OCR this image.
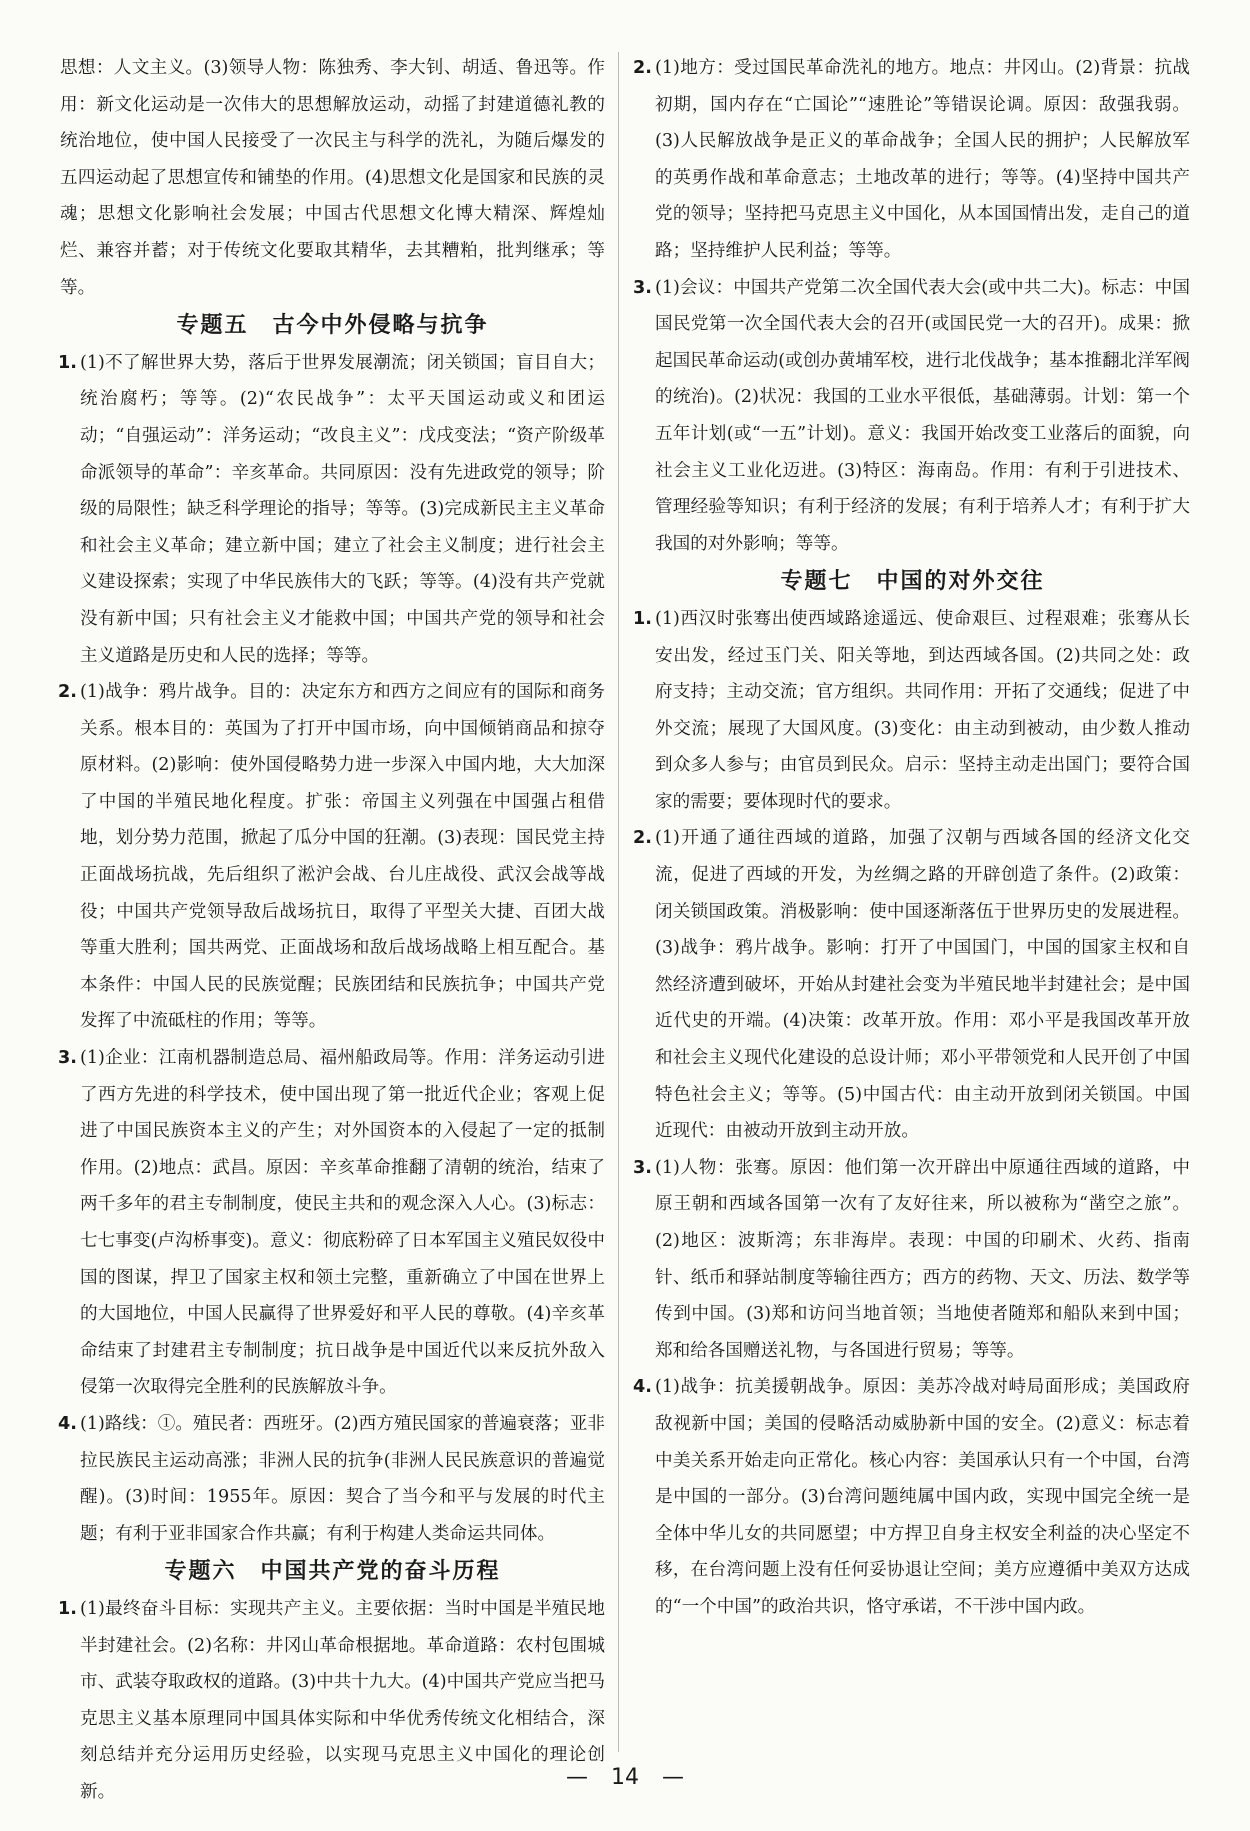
思想：人文主义。(3)领导人物：陈独秀、李大钊、胡适、鲁迅等。作用：新文化运动是一次伟大的思想解放运动，动摇了封建道德礼教的统治地位，使中国人民接受了一次民主与科学的洗礼，为随后爆发的五四运动起了思想宣传和铺垫的作用。(4)思想文化是国家和民族的灵魂；思想文化影响社会发展；中国古代思想文化博大精深、辉煌灿烂、兼容并蓄；对于传统文化要取其精华，去其糟粕，批判继承；等等。

专题五　古今中外侵略与抗争
1. (1)不了解世界大势，落后于世界发展潮流；闭关锁国；盲目自大；统治腐朽；等等。(2)“农民战争”：太平天国运动或义和团运动；“自强运动”：洋务运动；“改良主义”：戊戌变法；“资产阶级革命派领导的革命”：辛亥革命。共同原因：没有先进政党的领导；阶级的局限性；缺乏科学理论的指导；等等。(3)完成新民主主义革命和社会主义革命；建立新中国；建立了社会主义制度；进行社会主义建设探索；实现了中华民族伟大的飞跃；等等。(4)没有共产党就没有新中国；只有社会主义才能救中国；中国共产党的领导和社会主义道路是历史和人民的选择；等等。

2. (1)战争：鸦片战争。目的：决定东方和西方之间应有的国际和商务关系。根本目的：英国为了打开中国市场，向中国倾销商品和掠夺原材料。(2)影响：使外国侵略势力进一步深入中国内地，大大加深了中国的半殖民地化程度。扩张：帝国主义列强在中国强占租借地，划分势力范围，掀起了瓜分中国的狂潮。(3)表现：国民党主持正面战场抗战，先后组织了淞沪会战、台儿庄战役、武汉会战等战役；中国共产党领导敌后战场抗日，取得了平型关大捷、百团大战等重大胜利；国共两党、正面战场和敌后战场战略上相互配合。基本条件：中国人民的民族觉醒；民族团结和民族抗争；中国共产党发挥了中流砥柱的作用；等等。

3. (1)企业：江南机器制造总局、福州船政局等。作用：洋务运动引进了西方先进的科学技术，使中国出现了第一批近代企业；客观上促进了中国民族资本主义的产生；对外国资本的入侵起了一定的抵制作用。(2)地点：武昌。原因：辛亥革命推翻了清朝的统治，结束了两千多年的君主专制制度，使民主共和的观念深入人心。(3)标志：七七事变(卢沟桥事变)。意义：彻底粉碎了日本军国主义殖民奴役中国的图谋，捍卫了国家主权和领土完整，重新确立了中国在世界上的大国地位，中国人民赢得了世界爱好和平人民的尊敬。(4)辛亥革命结束了封建君主专制制度；抗日战争是中国近代以来反抗外敌入侵第一次取得完全胜利的民族解放斗争。

4. (1)路线：①。殖民者：西班牙。(2)西方殖民国家的普遍衰落；亚非拉民族民主运动高涨；非洲人民的抗争(非洲人民民族意识的普遍觉醒)。(3)时间：1955年。原因：契合了当今和平与发展的时代主题；有利于亚非国家合作共赢；有利于构建人类命运共同体。

专题六　中国共产党的奋斗历程
1. (1)最终奋斗目标：实现共产主义。主要依据：当时中国是半殖民地半封建社会。(2)名称：井冈山革命根据地。革命道路：农村包围城市、武装夺取政权的道路。(3)中共十九大。(4)中国共产党应当把马克思主义基本原理同中国具体实际和中华优秀传统文化相结合，深刻总结并充分运用历史经验，以实现马克思主义中国化的理论创新。

2. (1)地方：受过国民革命洗礼的地方。地点：井冈山。(2)背景：抗战初期，国内存在“亡国论”“速胜论”等错误论调。原因：敌强我弱。(3)人民解放战争是正义的革命战争；全国人民的拥护；人民解放军的英勇作战和革命意志；土地改革的进行；等等。(4)坚持中国共产党的领导；坚持把马克思主义中国化，从本国国情出发，走自己的道路；坚持维护人民利益；等等。

3. (1)会议：中国共产党第二次全国代表大会(或中共二大)。标志：中国国民党第一次全国代表大会的召开(或国民党一大的召开)。成果：掀起国民革命运动(或创办黄埔军校，进行北伐战争；基本推翻北洋军阀的统治)。(2)状况：我国的工业水平很低，基础薄弱。计划：第一个五年计划(或“一五”计划)。意义：我国开始改变工业落后的面貌，向社会主义工业化迈进。(3)特区：海南岛。作用：有利于引进技术、管理经验等知识；有利于经济的发展；有利于培养人才；有利于扩大我国的对外影响；等等。

专题七　中国的对外交往
1. (1)西汉时张骞出使西域路途遥远、使命艰巨、过程艰难；张骞从长安出发，经过玉门关、阳关等地，到达西域各国。(2)共同之处：政府支持；主动交流；官方组织。共同作用：开拓了交通线；促进了中外交流；展现了大国风度。(3)变化：由主动到被动，由少数人推动到众多人参与；由官员到民众。启示：坚持主动走出国门；要符合国家的需要；要体现时代的要求。

2. (1)开通了通往西域的道路，加强了汉朝与西域各国的经济文化交流，促进了西域的开发，为丝绸之路的开辟创造了条件。(2)政策：闭关锁国政策。消极影响：使中国逐渐落伍于世界历史的发展进程。(3)战争：鸦片战争。影响：打开了中国国门，中国的国家主权和自然经济遭到破坏，开始从封建社会变为半殖民地半封建社会；是中国近代史的开端。(4)决策：改革开放。作用：邓小平是我国改革开放和社会主义现代化建设的总设计师；邓小平带领党和人民开创了中国特色社会主义；等等。(5)中国古代：由主动开放到闭关锁国。中国近现代：由被动开放到主动开放。

3. (1)人物：张骞。原因：他们第一次开辟出中原通往西域的道路，中原王朝和西域各国第一次有了友好往来，所以被称为“凿空之旅”。(2)地区：波斯湾；东非海岸。表现：中国的印刷术、火药、指南针、纸币和驿站制度等输往西方；西方的药物、天文、历法、数学等传到中国。(3)郑和访问当地首领；当地使者随郑和船队来到中国；郑和给各国赠送礼物，与各国进行贸易；等等。

4. (1)战争：抗美援朝战争。原因：美苏冷战对峙局面形成；美国政府敌视新中国；美国的侵略活动威胁新中国的安全。(2)意义：标志着中美关系开始走向正常化。核心内容：美国承认只有一个中国，台湾是中国的一部分。(3)台湾问题纯属中国内政，实现中国完全统一是全体中华儿女的共同愿望；中方捍卫自身主权安全利益的决心坚定不移，在台湾问题上没有任何妥协退让空间；美方应遵循中美双方达成的“一个中国”的政治共识，恪守承诺，不干涉中国内政。

— 14 —
